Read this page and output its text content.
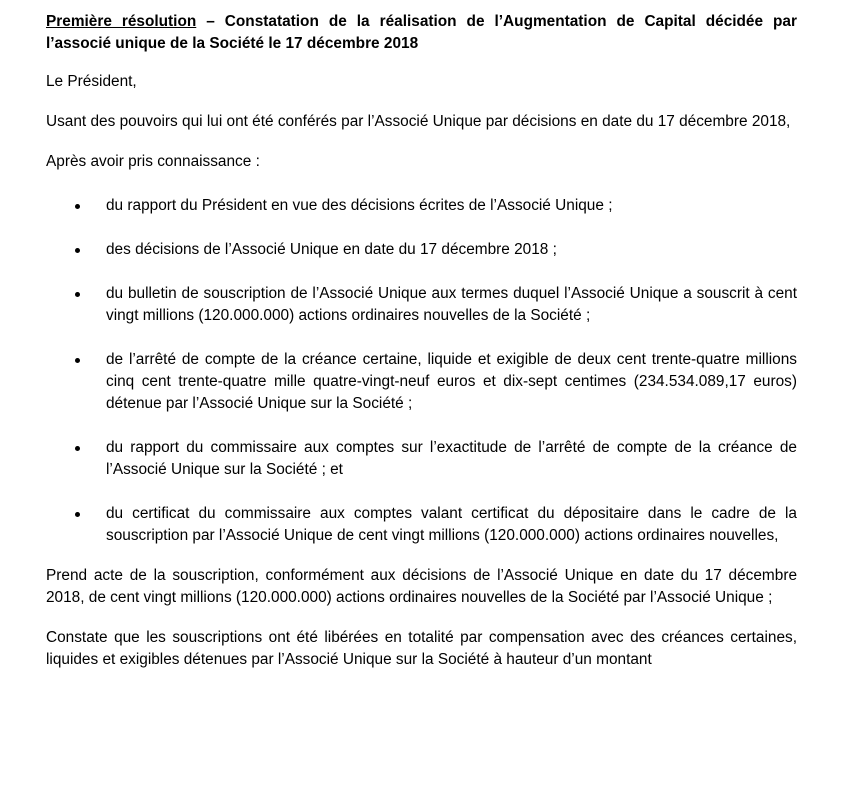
Première résolution – Constatation de la réalisation de l’Augmentation de Capital décidée par l’associé unique de la Société le 17 décembre 2018

Le Président,

Usant des pouvoirs qui lui ont été conférés par l’Associé Unique par décisions en date du 17 décembre 2018,

Après avoir pris connaissance :

du rapport du Président en vue des décisions écrites de l’Associé Unique ;
des décisions de l’Associé Unique en date du 17 décembre 2018 ;
du bulletin de souscription de l’Associé Unique aux termes duquel l’Associé Unique a souscrit à cent vingt millions (120.000.000) actions ordinaires nouvelles de la Société ;
de l’arrêté de compte de la créance certaine, liquide et exigible de deux cent trente-quatre millions cinq cent trente-quatre mille quatre-vingt-neuf euros et dix-sept centimes (234.534.089,17 euros) détenue par l’Associé Unique sur la Société ;
du rapport du commissaire aux comptes sur l’exactitude de l’arrêté de compte de la créance de l’Associé Unique sur la Société ; et
du certificat du commissaire aux comptes valant certificat du dépositaire dans le cadre de la souscription par l’Associé Unique de cent vingt millions (120.000.000) actions ordinaires nouvelles,

Prend acte de la souscription, conformément aux décisions de l’Associé Unique en date du 17 décembre 2018, de cent vingt millions (120.000.000) actions ordinaires nouvelles de la Société par l’Associé Unique ;

Constate que les souscriptions ont été libérées en totalité par compensation avec des créances certaines, liquides et exigibles détenues par l’Associé Unique sur la Société à hauteur d’un montant
